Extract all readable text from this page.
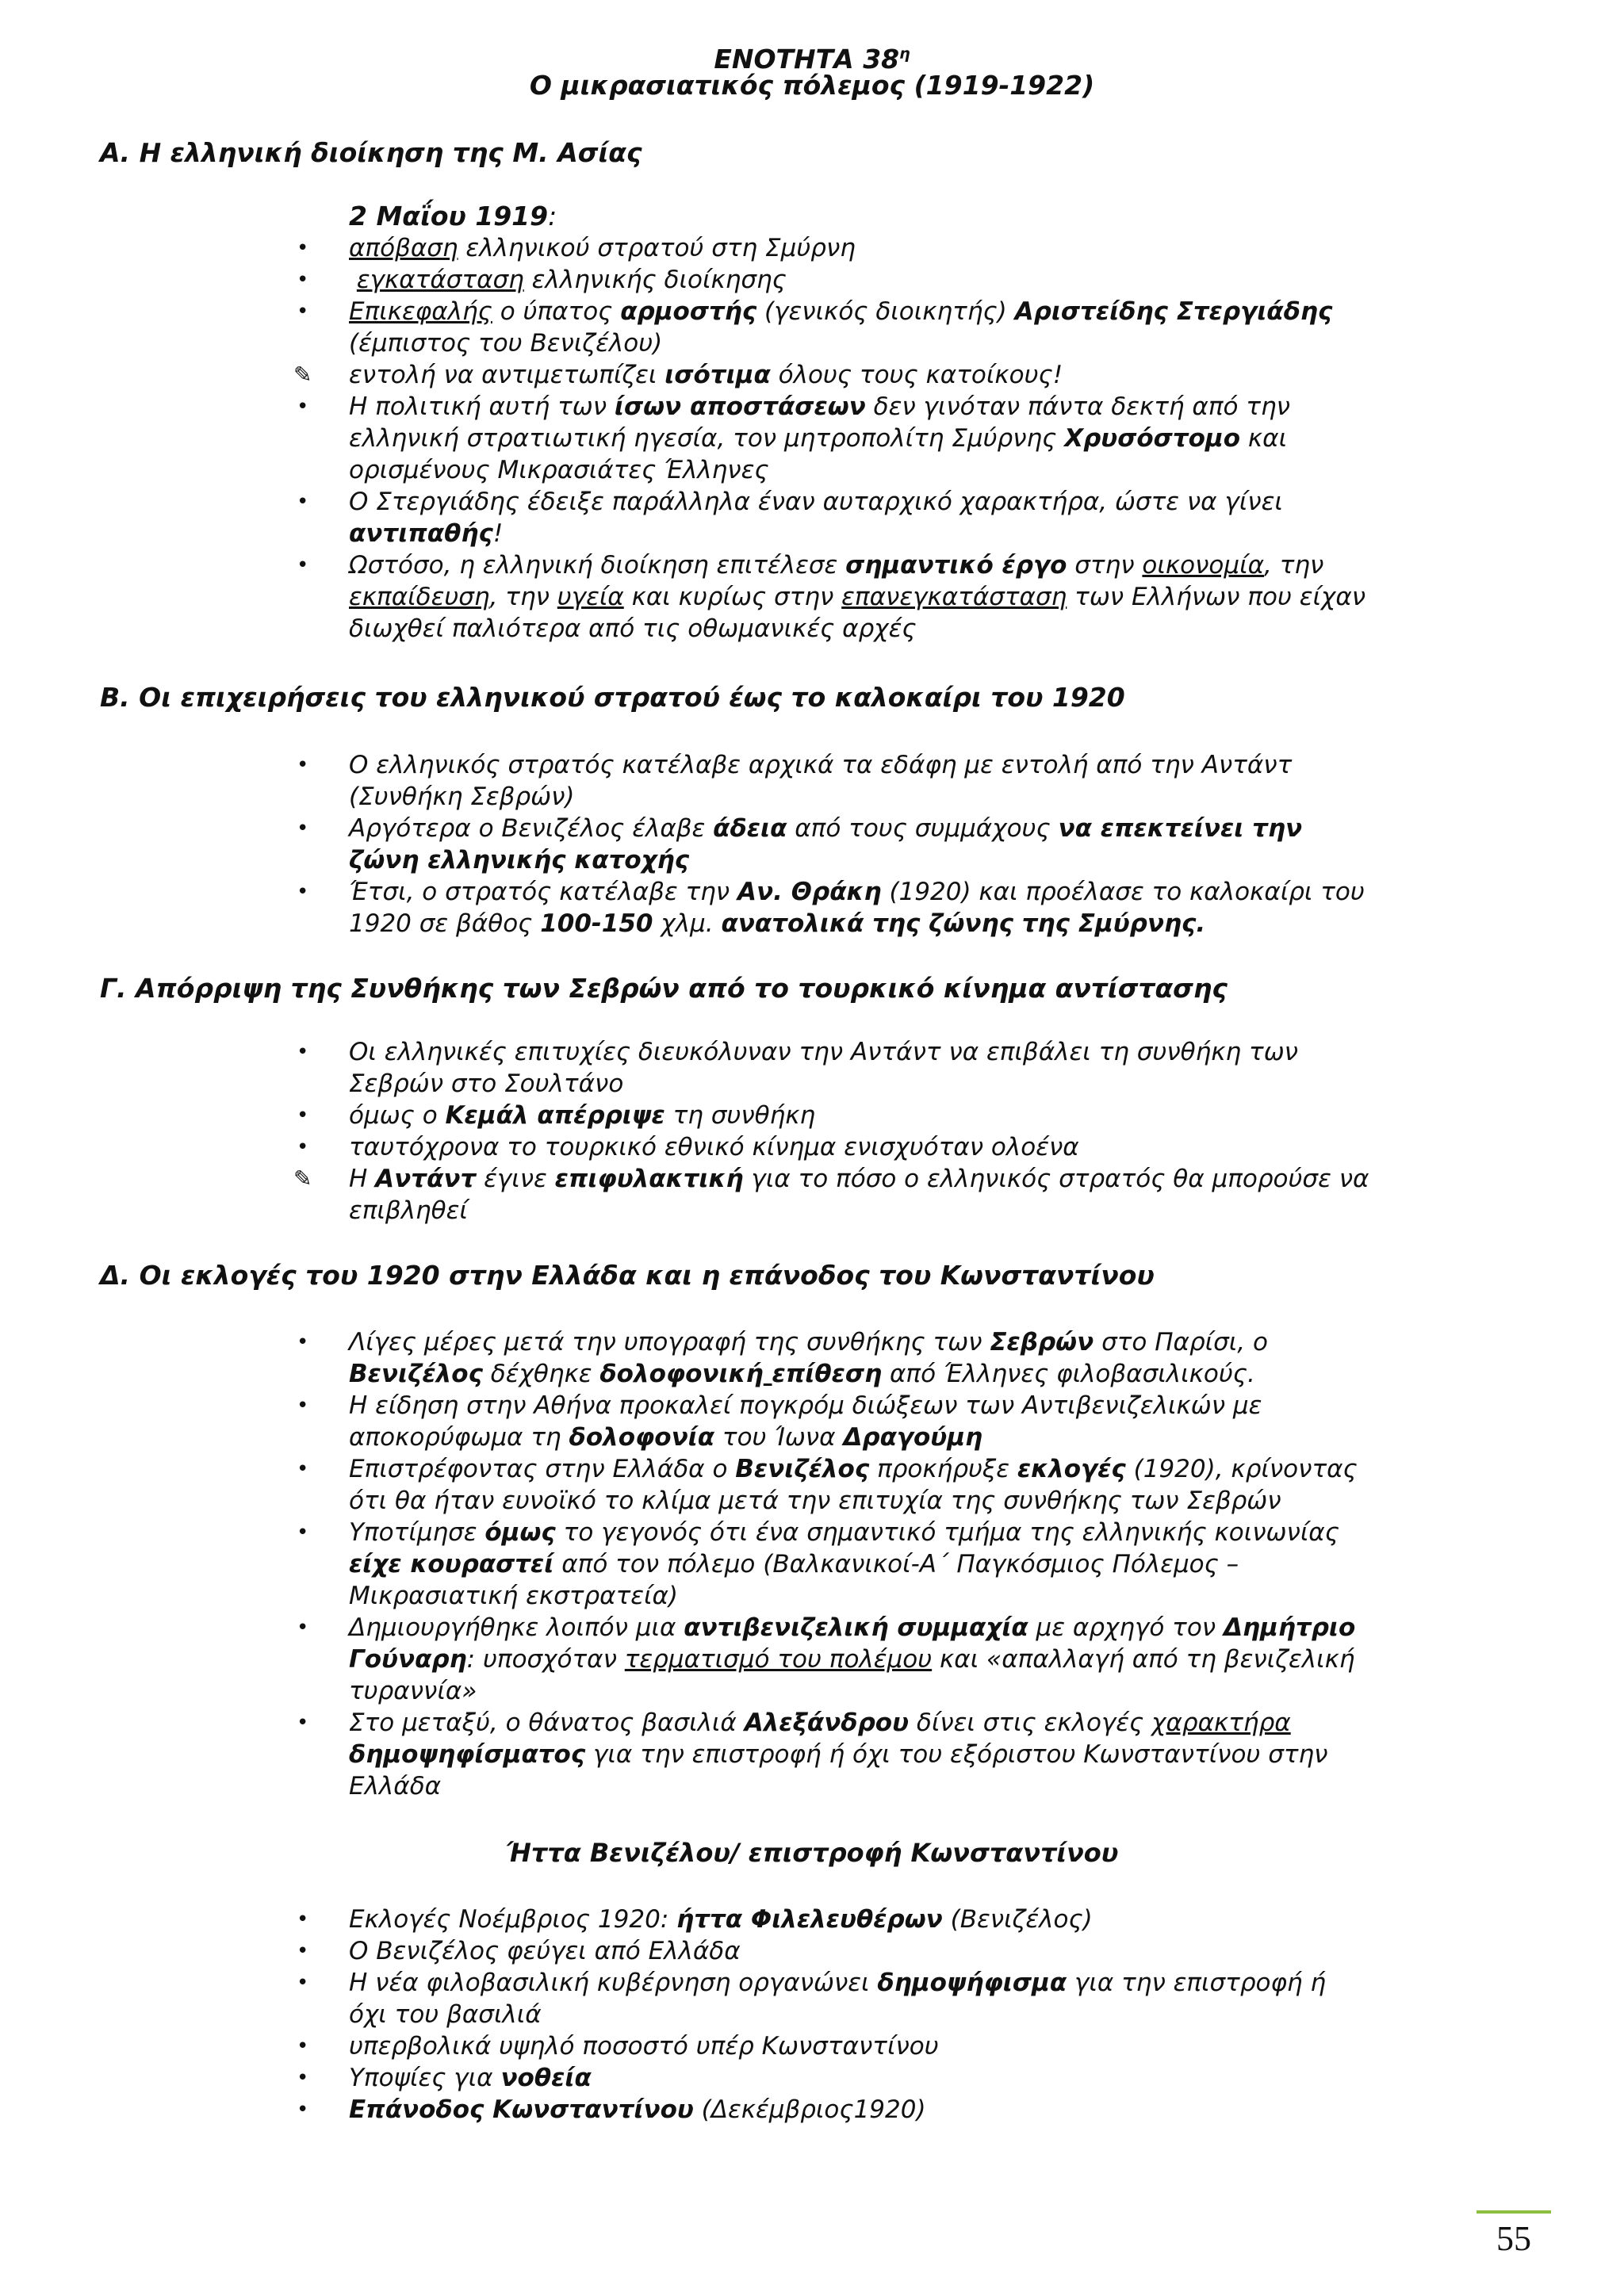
ΕΝΟΤΗΤΑ $38^\eta$
Ο μικρασιατικός πόλεμος (1919-1922)
Α. Η ελληνική διοίκηση της Μ. Ασίας
2 Μαΐου 1919:
• απόβαση ελληνικού στρατού στη Σμύρνη
•	εγκατάσταση ελληνικής διοίκησης
• Επικεφαλής ο ύπατος αρμοστής (γενικός διοικητής) Αριστείδης Στεργιάδης
(έμπιστος του Βενιζέλου)
✎ εντολή να αντιμετωπίζει ισότιμα όλους τους κατοίκους!
• Η πολιτική αυτή των ίσων αποστάσεων δεν γινόταν πάντα δεκτή από την
ελληνική στρατιωτική ηγεσία, τον μητροπολίτη Σμύρνης Χρυσόστομο και
ορισμένους Μικρασιάτες Έλληνες
• Ο Στεργιάδης έδειξε παράλληλα έναν αυταρχικό χαρακτήρα, ώστε να γίνει
αντιπαθής!
• Ωστόσο, η ελληνική διοίκηση επιτέλεσε σημαντικό έργο στην οικονομία, την
εκπαίδευση, την υγεία και κυρίως στην επανεγκατάσταση των Ελλήνων που είχαν
διωχθεί παλιότερα από τις οθωμανικές αρχές
Β. Οι επιχειρήσεις του ελληνικού στρατού έως το καλοκαίρι του 1920
• Ο ελληνικός στρατός κατέλαβε αρχικά τα εδάφη με εντολή από την Αντάντ
(Συνθήκη Σεβρών)
• Αργότερα ο Βενιζέλος έλαβε άδεια από τους συμμάχους να επεκτείνει την
ζώνη ελληνικής κατοχής
• Έτσι, ο στρατός κατέλαβε την Αν. Θράκη (1920) και προέλασε το καλοκαίρι του
1920 σε βάθος 100-150 χλμ. ανατολικά της ζώνης της Σμύρνης.
Γ. Απόρριψη της Συνθήκης των Σεβρών από το τουρκικό κίνημα αντίστασης
• Οι ελληνικές επιτυχίες διευκόλυναν την Αντάντ να επιβάλει τη συνθήκη των
Σεβρών στο Σουλτάνο
• όμως ο Κεμάλ απέρριψε τη συνθήκη
• ταυτόχρονα το τουρκικό εθνικό κίνημα ενισχυόταν ολοένα
✎ Η Αντάντ έγινε επιφυλακτική για το πόσο ο ελληνικός στρατός θα μπορούσε να
επιβληθεί
Δ. Οι εκλογές του 1920 στην Ελλάδα και η επάνοδος του Κωνσταντίνου
• Λίγες μέρες μετά την υπογραφή της συνθήκης των Σεβρών στο Παρίσι, ο
Βενιζέλος δέχθηκε δολοφονική επίθεση από Έλληνες φιλοβασιλικούς.
• Η είδηση στην Αθήνα προκαλεί πογκρόμ διώξεων των Αντιβενιζελικών με
αποκορύφωμα τη δολοφονία του Ίωνα Δραγούμη
• Επιστρέφοντας στην Ελλάδα ο Βενιζέλος προκήρυξε εκλογές (1920), κρίνοντας
ότι θα ήταν ευνοϊκό το κλίμα μετά την επιτυχία της συνθήκης των Σεβρών
• Υποτίμησε όμως το γεγονός ότι ένα σημαντικό τμήμα της ελληνικής κοινωνίας
είχε κουραστεί από τον πόλεμο (Βαλκανικοί-Α΄ Παγκόσμιος Πόλεμος –
Μικρασιατική εκστρατεία)
• Δημιουργήθηκε λοιπόν μια αντιβενιζελική συμμαχία με αρχηγό τον Δημήτριο
Γούναρη: υποσχόταν τερματισμό του πολέμου και «απαλλαγή από τη βενιζελική
τυραννία»
• Στο μεταξύ, ο θάνατος βασιλιά Αλεξάνδρου δίνει στις εκλογές χαρακτήρα
δημοψηφίσματος για την επιστροφή ή όχι του εξόριστου Κωνσταντίνου στην
Ελλάδα
Ήττα Βενιζέλου/ επιστροφή Κωνσταντίνου
• Εκλογές Νοέμβριος 1920: ήττα Φιλελευθέρων (Βενιζέλος)
• Ο Βενιζέλος φεύγει από Ελλάδα
• Η νέα φιλοβασιλική κυβέρνηση οργανώνει δημοψήφισμα για την επιστροφή ή
όχι του βασιλιά
• υπερβολικά υψηλό ποσοστό υπέρ Κωνσταντίνου
• Υποψίες για νοθεία
• Επάνοδος Κωνσταντίνου (Δεκέμβριος1920)
55
